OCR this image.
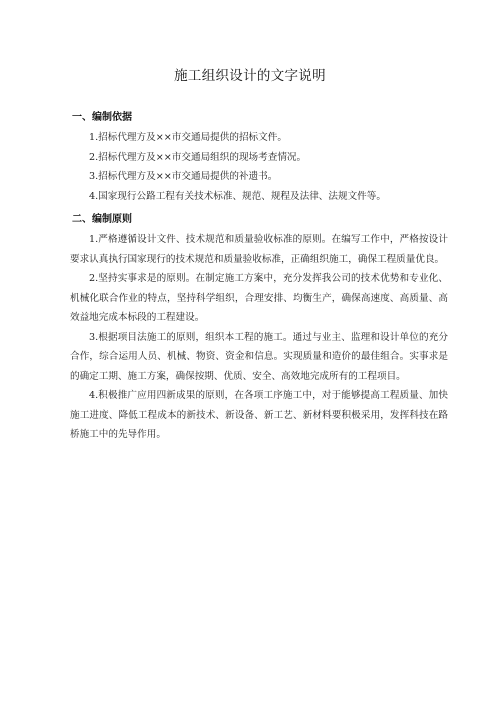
施工组织设计的文字说明

一、编制依据

1.招标代理方及××市交通局提供的招标文件。

2.招标代理方及××市交通局组织的现场考查情况。

3.招标代理方及××市交通局提供的补遗书。

4.国家现行公路工程有关技术标准、规范、规程及法律、法规文件等。

二、编制原则

1.严格遵循设计文件、技术规范和质量验收标准的原则。在编写工作中，严格按设计要求认真执行国家现行的技术规范和质量验收标准，正确组织施工，确保工程质量优良。

2.坚持实事求是的原则。在制定施工方案中，充分发挥我公司的技术优势和专业化、机械化联合作业的特点，坚持科学组织，合理安排、均衡生产，确保高速度、高质量、高效益地完成本标段的工程建设。

3.根据项目法施工的原则，组织本工程的施工。通过与业主、监理和设计单位的充分合作，综合运用人员、机械、物资、资金和信息。实现质量和造价的最佳组合。实事求是的确定工期、施工方案，确保按期、优质、安全、高效地完成所有的工程项目。

4.积极推广应用四新成果的原则，在各项工序施工中，对于能够提高工程质量、加快施工进度、降低工程成本的新技术、新设备、新工艺、新材料要积极采用，发挥科技在路桥施工中的先导作用。
